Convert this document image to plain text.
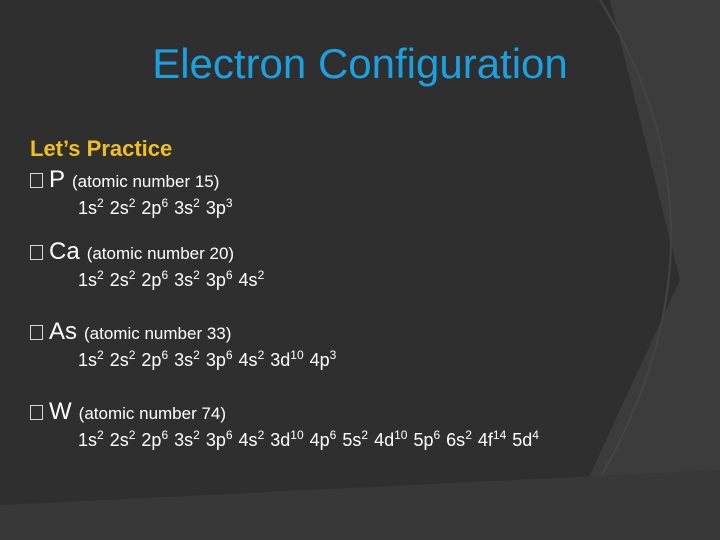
Electron Configuration
Let’s Practice
P (atomic number 15)
$1s^2$ $2s^2$ $2p^6$ $3s^2$ $3p^3$
Ca (atomic number 20)
$1s^2$ $2s^2$ $2p^6$ $3s^2$ $3p^6$ $4s^2$
As (atomic number 33)
$1s^2$ $2s^2$ $2p^6$ $3s^2$ $3p^6$ $4s^2$ $3d^{10}$ $4p^3$
W (atomic number 74)
$1s^2$ $2s^2$ $2p^6$ $3s^2$ $3p^6$ $4s^2$ $3d^{10}$ $4p^6$ $5s^2$ $4d^{10}$ $5p^6$ $6s^2$ $4f^{14}$ $5d^4$
